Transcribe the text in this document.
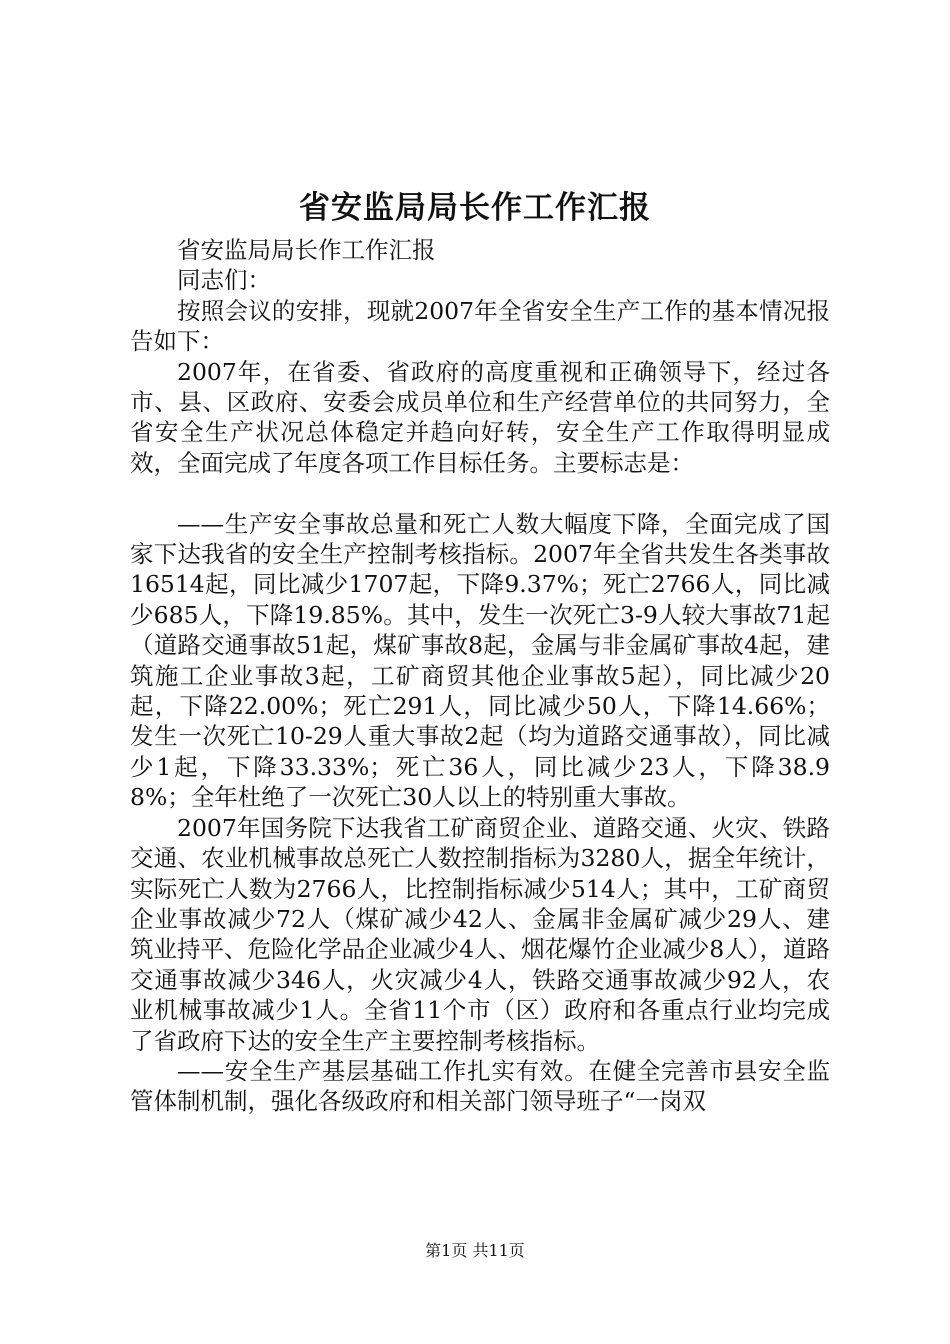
省安监局局长作工作汇报

省安监局局长作工作汇报

同志们：

按照会议的安排，现就2007年全省安全生产工作的基本情况报告如下：

2007年，在省委、省政府的高度重视和正确领导下，经过各市、县、区政府、安委会成员单位和生产经营单位的共同努力，全省安全生产状况总体稳定并趋向好转，安全生产工作取得明显成效，全面完成了年度各项工作目标任务。主要标志是：

——生产安全事故总量和死亡人数大幅度下降，全面完成了国家下达我省的安全生产控制考核指标。2007年全省共发生各类事故16514起，同比减少1707起，下降9.37%；死亡2766人，同比减少685人，下降19.85%。其中，发生一次死亡3-9人较大事故71起（道路交通事故51起，煤矿事故8起，金属与非金属矿事故4起，建筑施工企业事故3起，工矿商贸其他企业事故5起），同比减少20起，下降22.00%；死亡291人，同比减少50人，下降14.66%；发生一次死亡10-29人重大事故2起（均为道路交通事故），同比减少1起，下降33.33%；死亡36人，同比减少23人，下降38.98%；全年杜绝了一次死亡30人以上的特别重大事故。

2007年国务院下达我省工矿商贸企业、道路交通、火灾、铁路交通、农业机械事故总死亡人数控制指标为3280人，据全年统计，实际死亡人数为2766人，比控制指标减少514人；其中，工矿商贸企业事故减少72人（煤矿减少42人、金属非金属矿减少29人、建筑业持平、危险化学品企业减少4人、烟花爆竹企业减少8人），道路交通事故减少346人，火灾减少4人，铁路交通事故减少92人，农业机械事故减少1人。全省11个市（区）政府和各重点行业均完成了省政府下达的安全生产主要控制考核指标。

——安全生产基层基础工作扎实有效。在健全完善市县安全监管体制机制，强化各级政府和相关部门领导班子“一岗双

第1页 共11页
